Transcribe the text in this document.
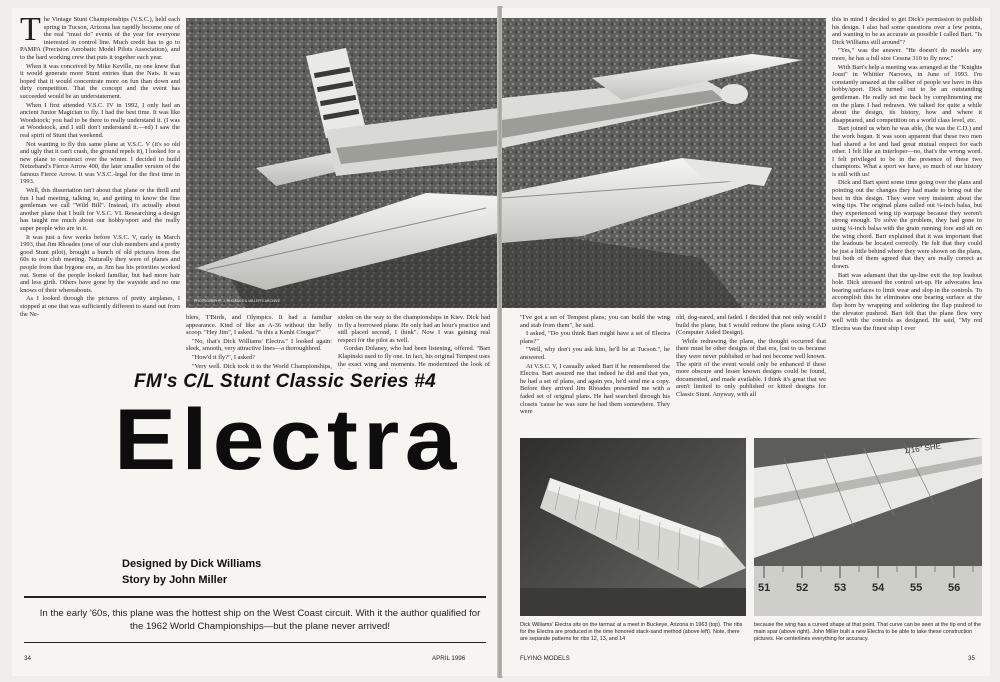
The Vintage Stunt Championships (V.S.C.), held each spring in Tucson, Arizona has rapidly become one of the real "must do" events of the year for everyone interested in control line. Much credit has to go to PAMPA (Precision Aerobatic Model Pilots Association), and to the hard working crew that puts it together each year.

When it was conceived by Mike Keville, no one knew that it would generate more Stunt entries than the Nats. It was hoped that it would concentrate more on fun than down and dirty competition. That the concept and the event has succeeded would be an understatement.

When I first attended V.S.C. IV in 1992, I only had an ancient Junior Magician to fly. I had the best time. It was like Woodstock; you had to be there to really understand it. (I was at Woodstock, and I still don't understand it.—ed) I saw the real spirit of Stunt that weekend.

Not wanting to fly this same plane at V.S.C. V (it's so old and ugly that it can't crash, the ground repels it), I looked for a new plane to construct over the winter. I decided to build Netzeband's Fierce Arrow 400, the later smaller version of the famous Fierce Arrow. It was V.S.C.-legal for the first time in 1993.

Well, this dissertation isn't about that plane or the thrill and fun I had meeting, talking to, and getting to know the fine gentleman we call "Wild Bill". Instead, it's actually about another plane that I built for V.S.C. VI. Researching a design has taught me much about our hobby/sport and the really super people who are in it.

It was just a few weeks before V.S.C. V, early in March 1993, that Jim Rhoades (one of our club members and a pretty good Stunt pilot), brought a bunch of old pictures from the 60s to our club meeting. Naturally they were of planes and people from that bygone era, as Jim has his priorities worked out. Some of the people looked familiar, but had more hair and less girth. Others have gone by the wayside and no one knows of their whereabouts.

As I looked through the pictures of pretty airplanes, I stopped at one that was sufficiently different to stand out from the Ne-

PHOTOGRAPHY: J. RHOADES & MILLER'S ARCHIVE

blers, T'Birds, and Olympics. It had a familiar appearance. Kind of like an A-36 without the belly scoop. "Hey Jim", I asked. "is this a Kenhi Cougar?"

"No, that's Dick Williams' Electra." I looked again: sleek, smooth, very attractive lines—a thoroughbred.

"How'd it fly?", I asked?

"Very well. Dick took it to the World Championships,

stolen on the way to the championships in Kiev. Dick had to fly a borrowed plane. He only had an hour's practice and still placed second, I think". Now I was gaining real respect for the pilot as well.

Gordan Dolaney, who had been listening, offered. "Bart Klapinski used to fly one. In fact, his original Tempest uses the exact wing and moments. He modernized the look of

FM's C/L Stunt Classic Series #4
Electra
Designed by Dick Williams
Story by John Miller
In the early '60s, this plane was the hottest ship on the West Coast circuit. With it the author qualified for the 1962 World Championships—but the plane never arrived!
34	APRIL 1996

this in mind I decided to get Dick's permission to publish his design. I also had some questions over a few points, and wanting to be as accurate as possible I called Bart. "Is Dick Williams still around"?

"Yes," was the answer. "He doesn't do models any more, he has a full size Cessna 310 to fly now."

With Bart's help a meeting was arranged at the "Knights Joust" in Whittier Narrows, in June of 1993. I'm constantly amazed at the caliber of people we have in this hobby/sport. Dick turned out to be an outstanding gentleman. He really set me back by complimenting me on the plans I had redrawn. We talked for quite a while about the design, its history, how and where it disappeared, and competition on a world class level, etc.

Bart joined us when he was able, (he was the C.D.) and the work began. It was soon apparent that these two men had shared a lot and had great mutual respect for each other. I felt like an interloper—no, that's the wrong word. I felt privileged to be in the presence of these two champions. What a sport we have, so much of our history is still with us!

Dick and Bart spent some time going over the plans and pointing out the changes they had made to bring out the best in this design. They were very insistent about the wing tips. The original plans called out ⅛-inch balsa, but they experienced wing tip warpage because they weren't strong enough. To solve the problem, they had gone to using ¼-inch balsa with the grain running fore and aft on the wing chord. Bart explained that it was important that the leadouts be located correctly. He felt that they could be just a little behind where they were shown on the plans, but both of them agreed that they are really correct as drawn.

Bart was adamant that the up-line exit the top leadout hole. Dick stressed the control set-up. He advocates less bearing surfaces to limit wear and slop in the controls. To accomplish this he eliminates one bearing surface at the flap horn by wrapping and soldering the flap pushrod to the elevator pushrod. Bart felt that the plane flew very well with the controls as designed. He said, "My red Electra was the finest ship I ever

"I've got a set of Tempest plans; you can build the wing and stab from them", he said.

I asked, "Do you think Bart might have a set of Electra plans?"

"Well, why don't you ask him, he'll be at Tucson.", he answered.

At V.S.C. V, I casually asked Bart if he remembered the Electra. Bart assured me that indeed he did and that yes, he had a set of plans, and again yes, he'd send me a copy. Before they arrived Jim Rhoades presented me with a faded set of original plans. He had searched through his closets 'cause he was sure he had them somewhere. They were

old, dog-eared, and faded. I decided that not only would I build the plane, but I would redraw the plans using CAD (Computer Aided Design).

While redrawing the plans, the thought occurred that there must be other designs of that era, lost to us because they were never published or had not become well known. The spirit of the event would only be enhanced if these more obscure and lesser known designs could be found, documented, and made available. I think it's great that we aren't limited to only published or kitted designs for Classic Stunt. Anyway, with all

1/16" SHE
51	52	53	54	55	56
Dick Williams' Electra sits on the tarmac at a meet in Buckeye, Arizona in 1963 (top). The ribs for the Electra are produced in the time honored stack-sand method (above left). Note, there are separate patterns for ribs 12, 13, and 14
because the wing has a curved shape at that point. That curve can be seen at the tip end of the main spar (above right). John Miller built a new Electra to be able to take these construction pictures. He centerlines everything for accuracy.
FLYING MODELS	35
